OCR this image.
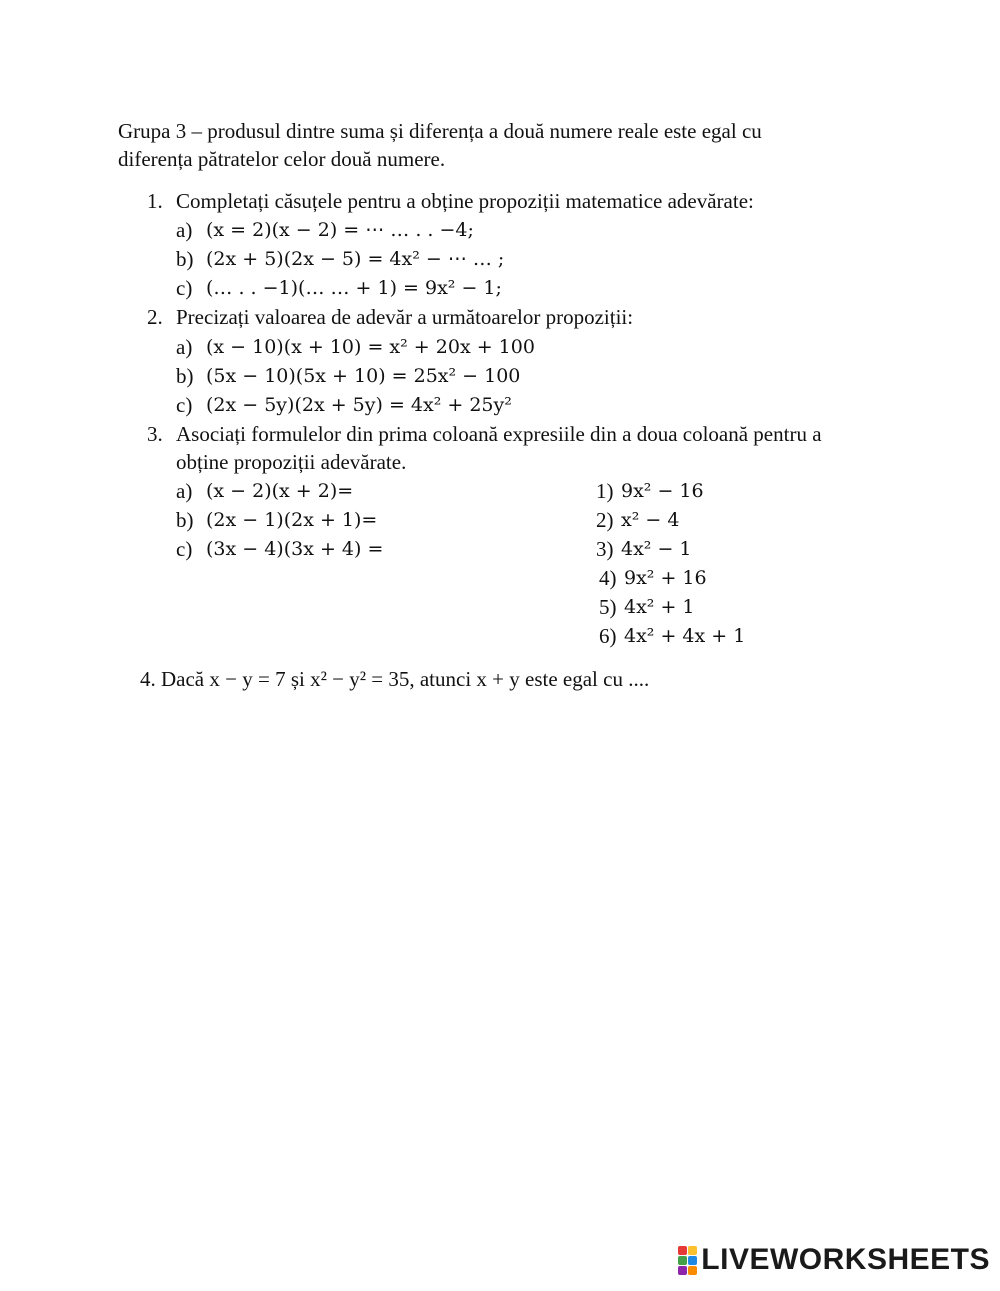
Grupa 3 – produsul dintre suma și diferența a două numere reale este egal cu
diferența pătratelor celor două numere.
1. Completați căsuțele pentru a obține propoziții matematice adevărate:
a) (x = 2)(x − 2) = ⋯ … . . −4;
b) (2x + 5)(2x − 5) = 4x² − ⋯ … ;
c) (… . . −1)(… … + 1) = 9x² − 1;
2. Precizați valoarea de adevăr a următoarelor propoziții:
a) (x − 10)(x + 10) = x² + 20x + 100
b) (5x − 10)(5x + 10) = 25x² − 100
c) (2x − 5y)(2x + 5y) = 4x² + 25y²
3. Asociați formulelor din prima coloană expresiile din a doua coloană pentru a
obține propoziții adevărate.
a) (x − 2)(x + 2)=
b) (2x − 1)(2x + 1)=
c) (3x − 4)(3x + 4) =
1) 9x² − 16
2) x² − 4
3) 4x² − 1
4) 9x² + 16
5) 4x² + 1
6) 4x² + 4x + 1
4. Dacă x − y = 7 și x² − y² = 35, atunci x + y este egal cu ....
LIVEWORKSHEETS
